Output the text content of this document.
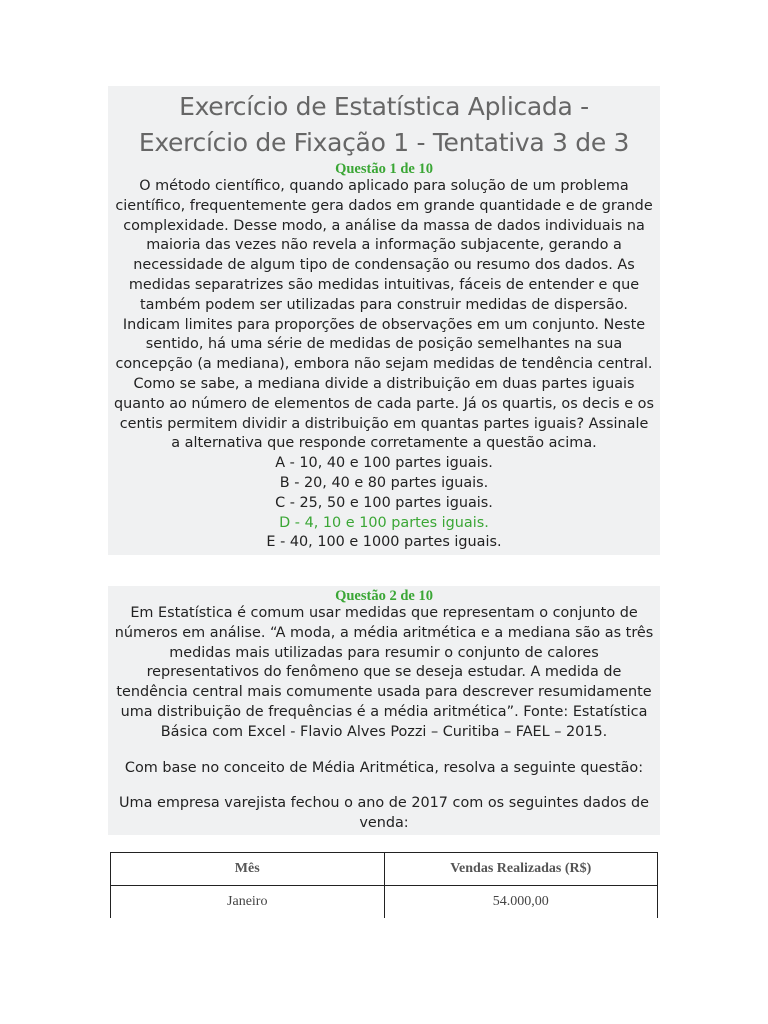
Exercício de Estatística Aplicada -
Exercício de Fixação 1 - Tentativa 3 de 3
Questão 1 de 10

O método científico, quando aplicado para solução de um problema científico, frequentemente gera dados em grande quantidade e de grande complexidade. Desse modo, a análise da massa de dados individuais na maioria das vezes não revela a informação subjacente, gerando a necessidade de algum tipo de condensação ou resumo dos dados. As medidas separatrizes são medidas intuitivas, fáceis de entender e que também podem ser utilizadas para construir medidas de dispersão. Indicam limites para proporções de observações em um conjunto. Neste sentido, há uma série de medidas de posição semelhantes na sua concepção (a mediana), embora não sejam medidas de tendência central. Como se sabe, a mediana divide a distribuição em duas partes iguais quanto ao número de elementos de cada parte. Já os quartis, os decis e os centis permitem dividir a distribuição em quantas partes iguais? Assinale a alternativa que responde corretamente a questão acima.

A - 10, 40 e 100 partes iguais.

B - 20, 40 e 80 partes iguais.

C - 25, 50 e 100 partes iguais.

D - 4, 10 e 100 partes iguais.

E - 40, 100 e 1000 partes iguais.

Questão 2 de 10

Em Estatística é comum usar medidas que representam o conjunto de números em análise. “A moda, a média aritmética e a mediana são as três medidas mais utilizadas para resumir o conjunto de calores representativos do fenômeno que se deseja estudar. A medida de tendência central mais comumente usada para descrever resumidamente uma distribuição de frequências é a média aritmética”. Fonte: Estatística Básica com Excel - Flavio Alves Pozzi – Curitiba – FAEL – 2015.

Com base no conceito de Média Aritmética, resolva a seguinte questão:

Uma empresa varejista fechou o ano de 2017 com os seguintes dados de venda:

Mês	Vendas Realizadas (R$)
Janeiro	54.000,00
